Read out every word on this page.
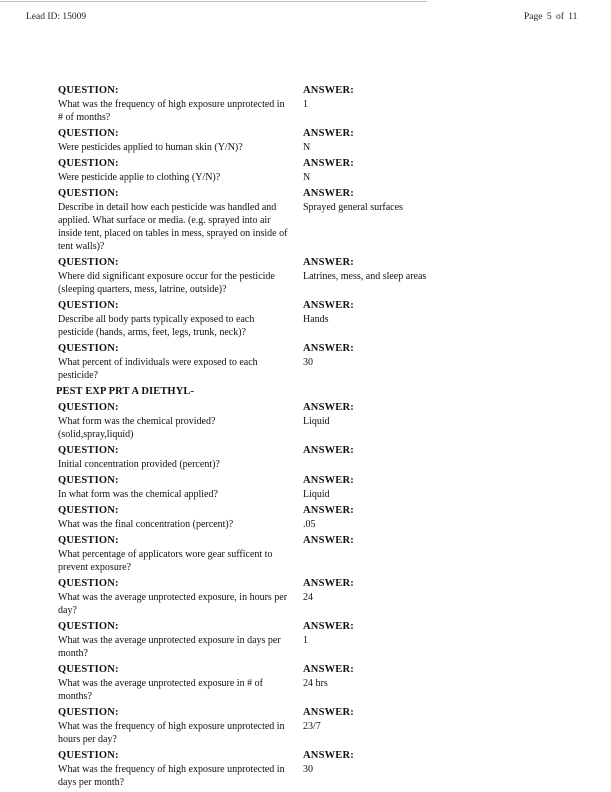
Lead ID: 15009	Page 5 of 11
QUESTION:	ANSWER:
What was the frequency of high exposure unprotected in # of months?
1
QUESTION:	ANSWER:
Were pesticides applied to human skin (Y/N)?	N
QUESTION:	ANSWER:
Were pesticide applie to clothing (Y/N)?	N
QUESTION:	ANSWER:
Describe in detail how each pesticide was handled and applied. What surface or media. (e.g. sprayed into air inside tent, placed on tables in mess, sprayed on inside of tent walls)?
Sprayed general surfaces
QUESTION:	ANSWER:
Where did significant exposure occur for the pesticide (sleeping quarters, mess, latrine, outside)?
Latrines, mess, and sleep areas
QUESTION:	ANSWER:
Describe all body parts typically exposed to each pesticide (hands, arms, feet, legs, trunk, neck)?
Hands
QUESTION:	ANSWER:
What percent of individuals were exposed to each pesticide?
30
PEST EXP PRT A DIETHYL-
QUESTION:	ANSWER:
What form was the chemical provided?(solid,spray,liquid)
Liquid
QUESTION:	ANSWER:
Initial concentration provided (percent)?
QUESTION:	ANSWER:
In what form was the chemical applied?	Liquid
QUESTION:	ANSWER:
What was the final concentration (percent)?	.05
QUESTION:	ANSWER:
What percentage of applicators wore gear sufficent to prevent exposure?
QUESTION:	ANSWER:
What was the average unprotected exposure, in hours per day?
24
QUESTION:	ANSWER:
What was the average unprotected exposure in days per month?
1
QUESTION:	ANSWER:
What was the average unprotected exposure in # of months?
24 hrs
QUESTION:	ANSWER:
What was the frequency of high exposure unprotected in hours per day?
23/7
QUESTION:	ANSWER:
What was the frequency of high exposure unprotected in days per month?
30
